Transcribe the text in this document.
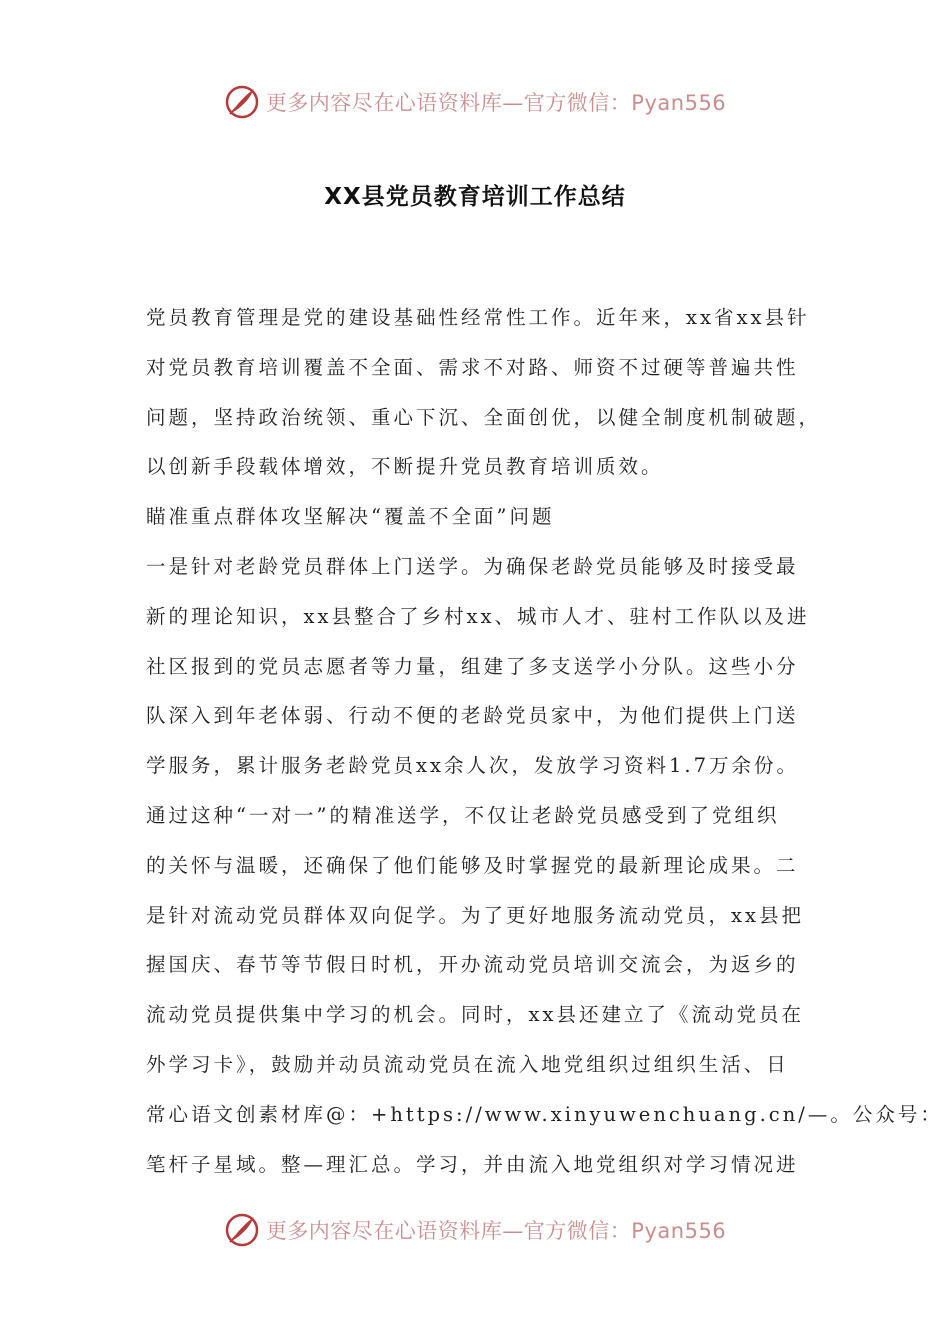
更多内容尽在心语资料库—官方微信：Pyan556
XX县党员教育培训工作总结
党员教育管理是党的建设基础性经常性工作。近年来，xx省xx县针
对党员教育培训覆盖不全面、需求不对路、师资不过硬等普遍共性
问题，坚持政治统领、重心下沉、全面创优，以健全制度机制破题，
以创新手段载体增效，不断提升党员教育培训质效。
瞄准重点群体攻坚解决“覆盖不全面”问题
一是针对老龄党员群体上门送学。为确保老龄党员能够及时接受最
新的理论知识，xx县整合了乡村xx、城市人才、驻村工作队以及进
社区报到的党员志愿者等力量，组建了多支送学小分队。这些小分
队深入到年老体弱、行动不便的老龄党员家中，为他们提供上门送
学服务，累计服务老龄党员xx余人次，发放学习资料1.7万余份。
通过这种“一对一”的精准送学，不仅让老龄党员感受到了党组织
的关怀与温暖，还确保了他们能够及时掌握党的最新理论成果。二
是针对流动党员群体双向促学。为了更好地服务流动党员，xx县把
握国庆、春节等节假日时机，开办流动党员培训交流会，为返乡的
流动党员提供集中学习的机会。同时，xx县还建立了《流动党员在
外学习卡》，鼓励并动员流动党员在流入地党组织过组织生活、日
常心语文创素材库@：+https://www.xinyuwenchuang.cn/—。公众号：
笔杆子星域。整—理汇总。学习，并由流入地党组织对学习情况进
更多内容尽在心语资料库—官方微信：Pyan556
